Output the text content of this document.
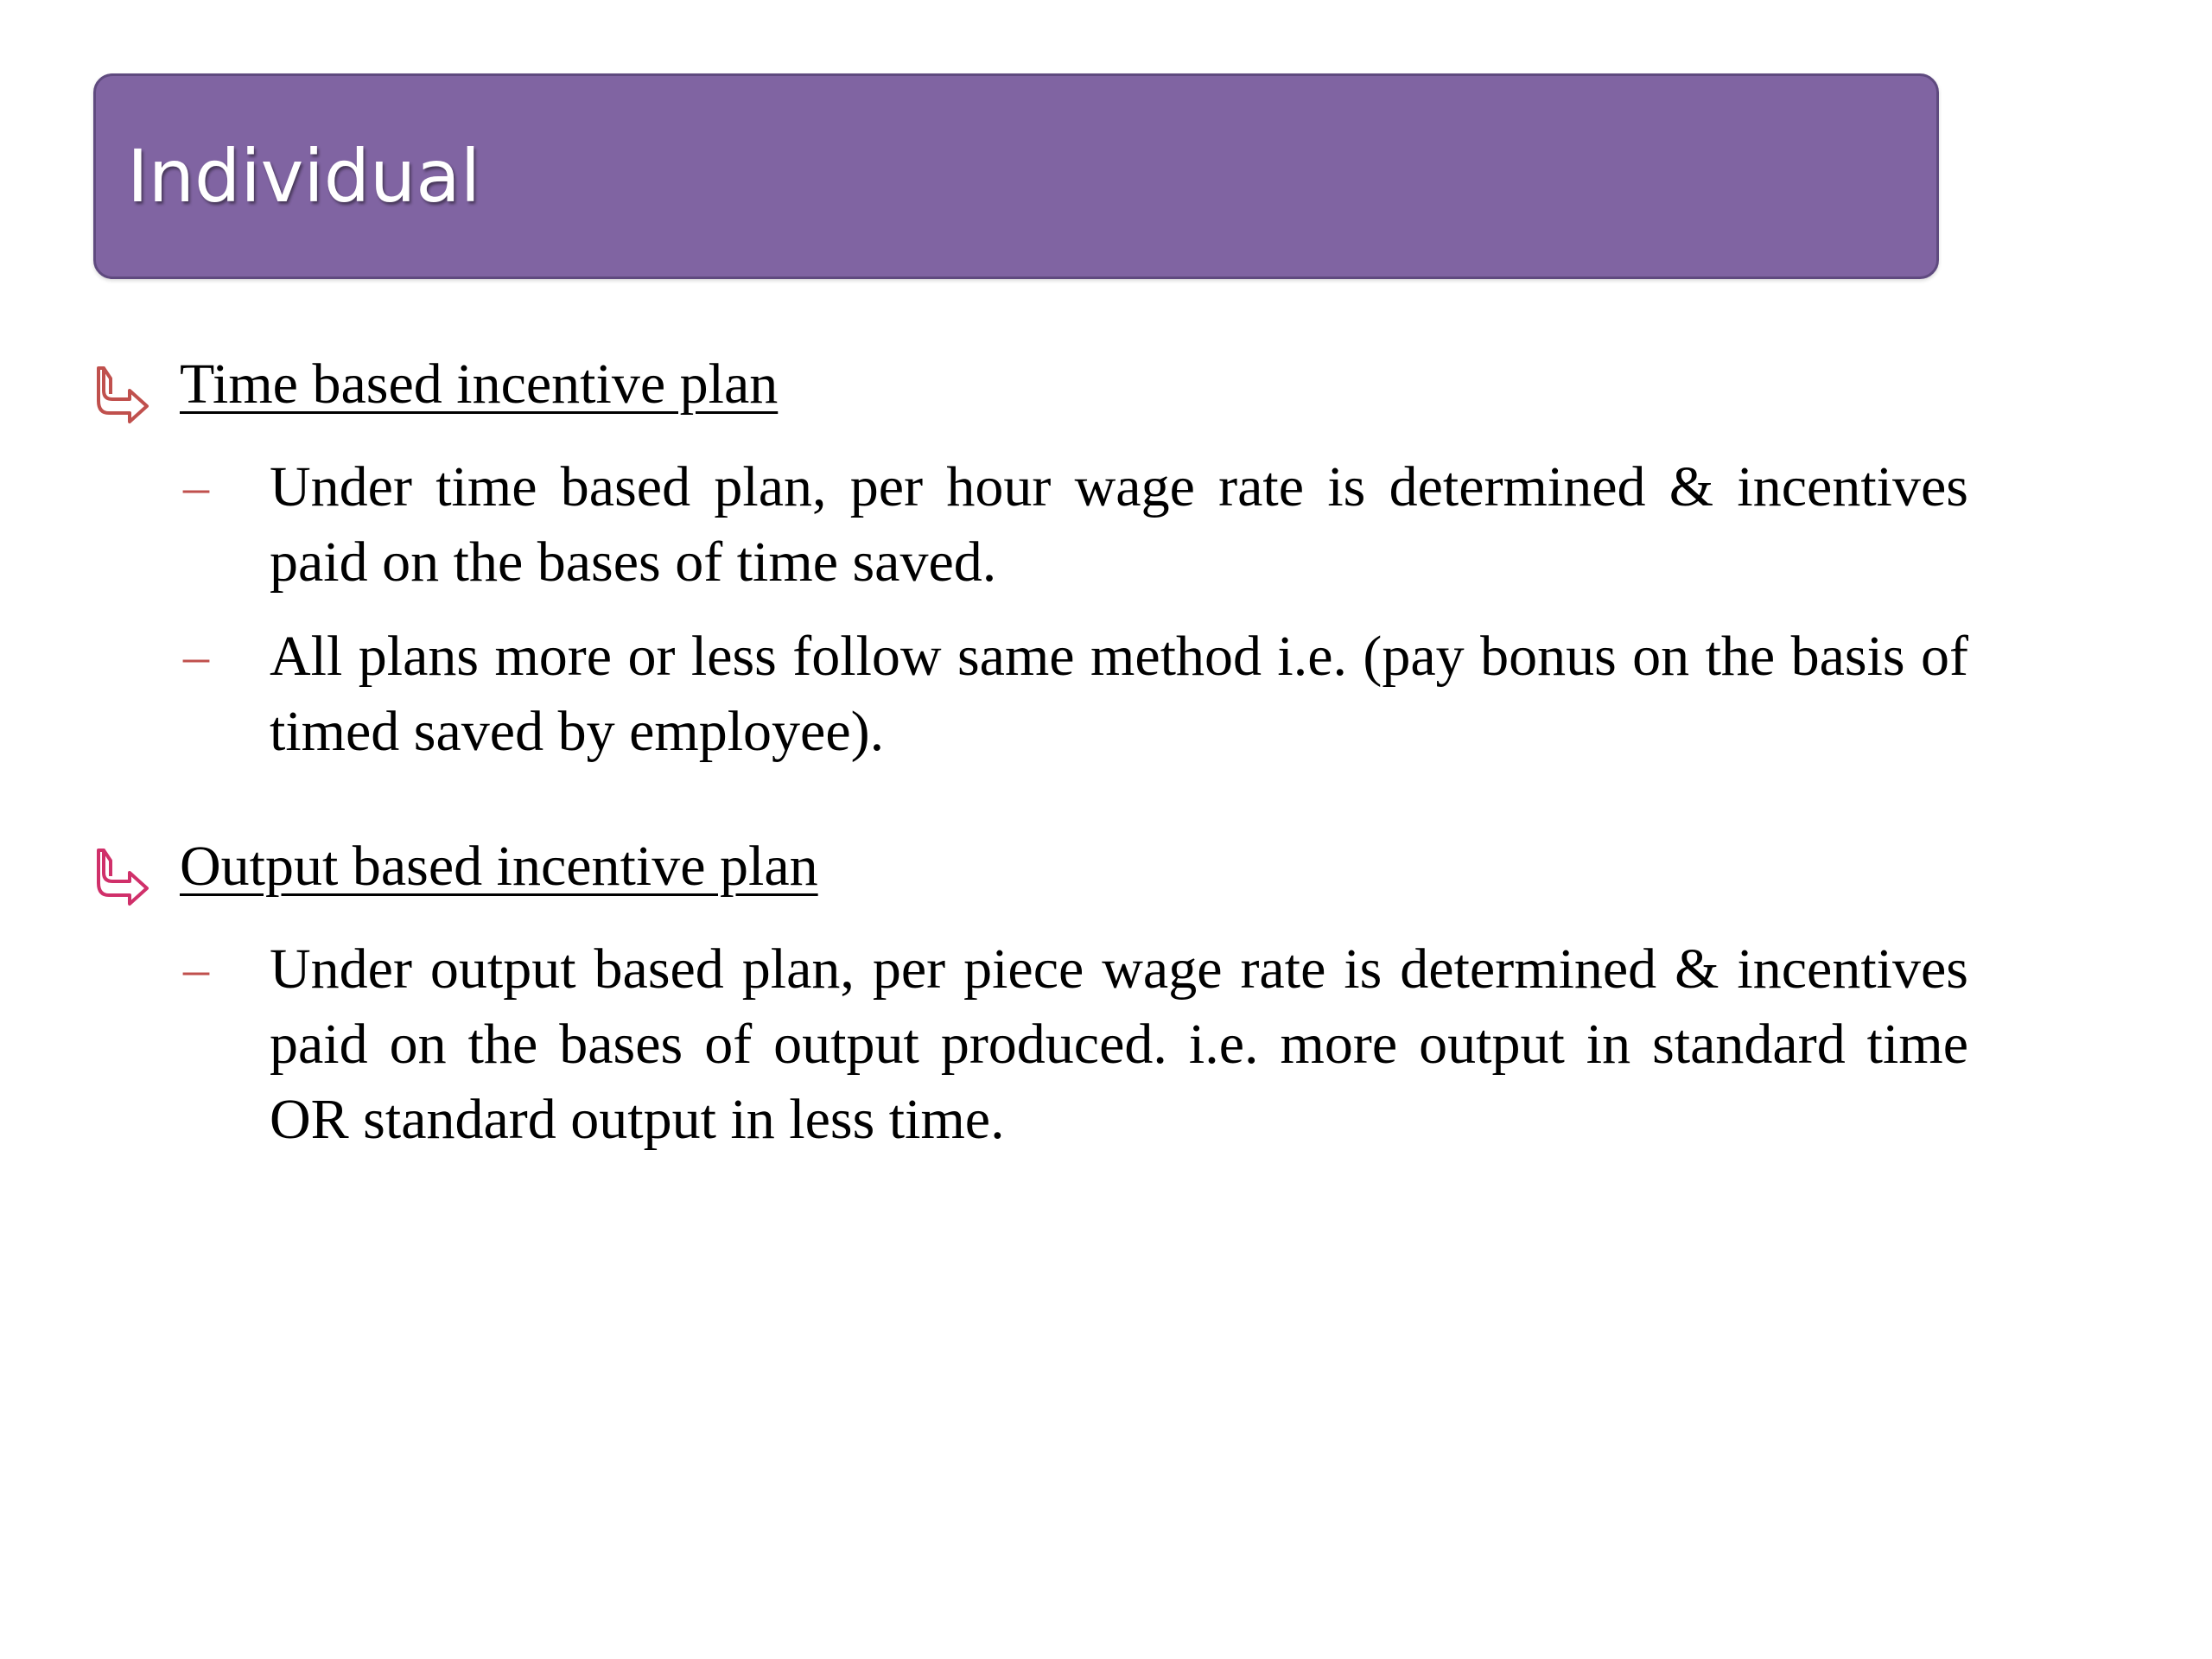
Individual
Time based incentive plan
– Under time based plan, per hour wage rate is determined & incentives paid on the bases of time saved.
– All plans more or less follow same method i.e. (pay bonus on the basis of timed saved by employee).
Output based incentive plan
– Under output based plan, per piece wage rate is determined & incentives paid on the bases of output produced. i.e. more output in standard time OR standard output in less time.
